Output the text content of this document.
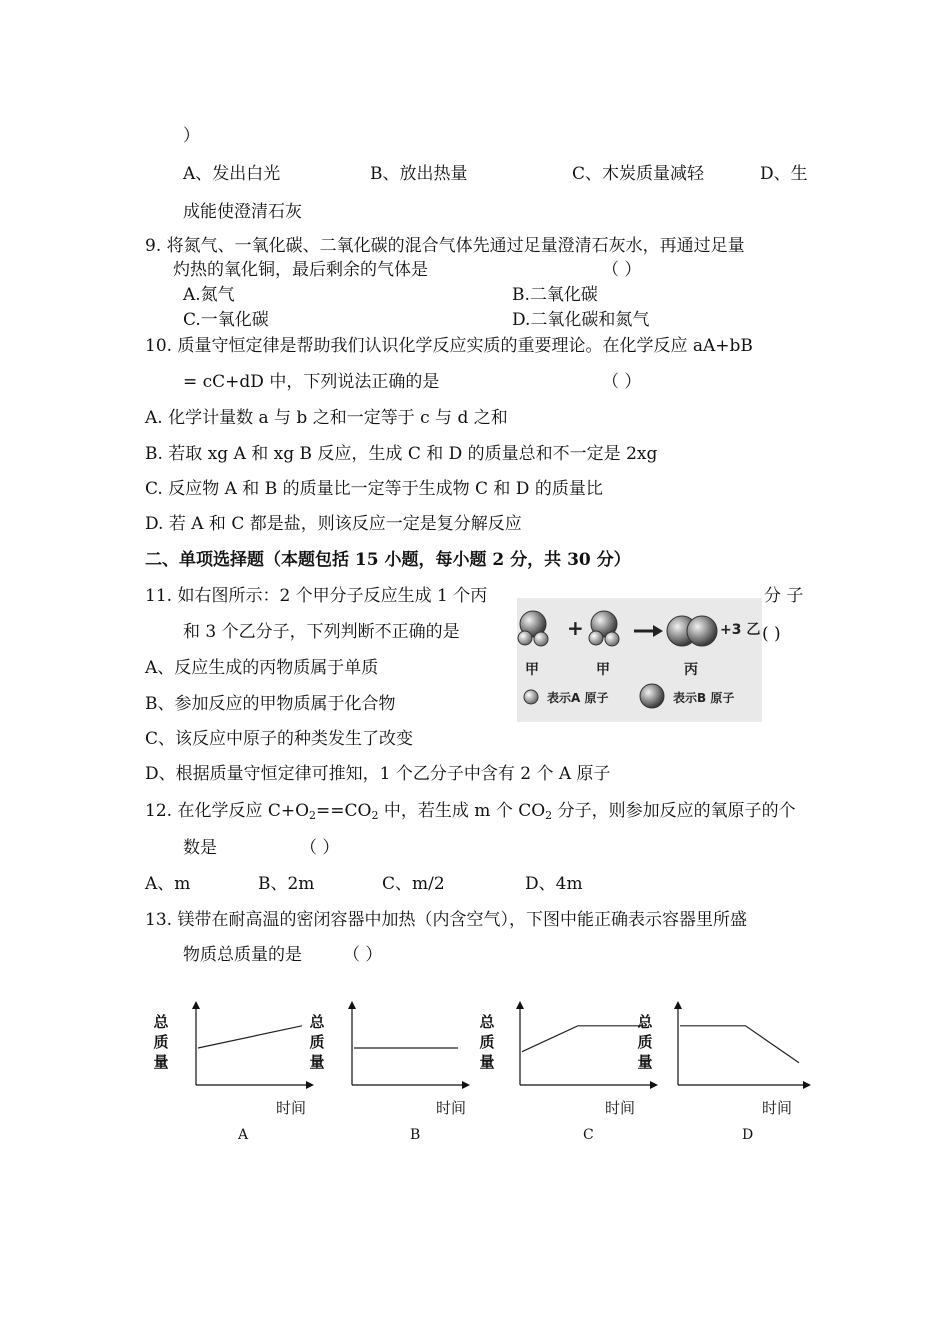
）
A、发出白光	B、放出热量	C、木炭质量减轻	D、生
成能使澄清石灰
9. 将氮气、一氧化碳、二氧化碳的混合气体先通过足量澄清石灰水，再通过足量
灼热的氧化铜，最后剩余的气体是	（ ）
A.氮气	B.二氧化碳
C.一氧化碳	D.二氧化碳和氮气
10. 质量守恒定律是帮助我们认识化学反应实质的重要理论。在化学反应 aA+bB
= cC+dD 中，下列说法正确的是	（ ）
A. 化学计量数 a 与 b 之和一定等于 c 与 d 之和
B. 若取 xg A 和 xg B 反应，生成 C 和 D 的质量总和不一定是 2xg
C. 反应物 A 和 B 的质量比一定等于生成物 C 和 D 的质量比
D. 若 A 和 C 都是盐，则该反应一定是复分解反应
二、单项选择题（本题包括 15 小题，每小题 2 分，共 30 分）
11. 如右图所示：2 个甲分子反应生成 1 个丙	分 子
和 3 个乙分子，下列判断不正确的是	( )
+	+3 乙
甲	甲	丙
表示A 原子	表示B 原子
A、反应生成的丙物质属于单质
B、参加反应的甲物质属于化合物
C、该反应中原子的种类发生了改变
D、根据质量守恒定律可推知，1 个乙分子中含有 2 个 A 原子
12. 在化学反应 $C+O_2==CO_2$ 中，若生成 m 个 $CO_2$ 分子，则参加反应的氧原子的个
数是	（ ）
A、m	B、2m	C、m/2	D、4m
13. 镁带在耐高温的密闭容器中加热（内含空气），下图中能正确表示容器里所盛
物质总质量的是 （ ）
总
质
量
时间
A
总
质
量
时间
B
总
质
量
时间
C
总
质
量
时间
D
